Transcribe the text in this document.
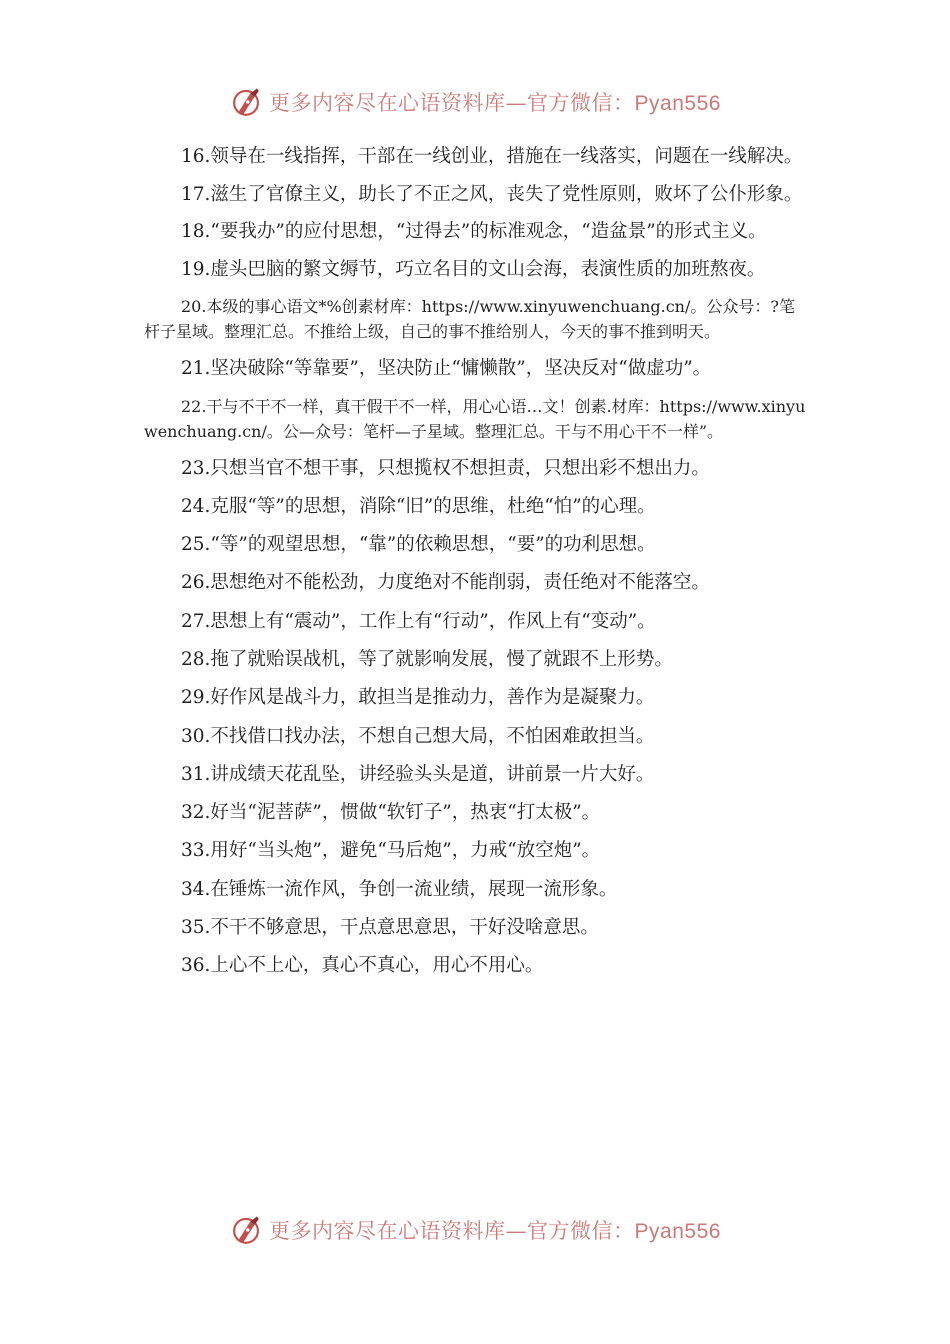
更多内容尽在心语资料库—官方微信：Pyan556

16.领导在一线指挥，干部在一线创业，措施在一线落实，问题在一线解决。

17.滋生了官僚主义，助长了不正之风，丧失了党性原则，败坏了公仆形象。

18.“要我办”的应付思想，“过得去”的标准观念，“造盆景”的形式主义。

19.虚头巴脑的繁文缛节，巧立名目的文山会海，表演性质的加班熬夜。

20.本级的事心语文*%创素材库：https://www.xinyuwenchuang.cn/。公众号：?笔杆子星域。整理汇总。不推给上级，自己的事不推给别人，今天的事不推到明天。

21.坚决破除“等靠要”，坚决防止“慵懒散”，坚决反对“做虚功”。

22.干与不干不一样，真干假干不一样，用心心语…文！创素.材库：https://www.xinyuwenchuang.cn/。公—众号：笔杆—子星域。整理汇总。干与不用心干不一样”。

23.只想当官不想干事，只想揽权不想担责，只想出彩不想出力。

24.克服“等”的思想，消除“旧”的思维，杜绝“怕”的心理。

25.“等”的观望思想，“靠”的依赖思想，“要”的功利思想。

26.思想绝对不能松劲，力度绝对不能削弱，责任绝对不能落空。

27.思想上有“震动”，工作上有“行动”，作风上有“变动”。

28.拖了就贻误战机，等了就影响发展，慢了就跟不上形势。

29.好作风是战斗力，敢担当是推动力，善作为是凝聚力。

30.不找借口找办法，不想自己想大局，不怕困难敢担当。

31.讲成绩天花乱坠，讲经验头头是道，讲前景一片大好。

32.好当“泥菩萨”，惯做“软钉子”，热衷“打太极”。

33.用好“当头炮”，避免“马后炮”，力戒“放空炮”。

34.在锤炼一流作风，争创一流业绩，展现一流形象。

35.不干不够意思，干点意思意思，干好没啥意思。

36.上心不上心，真心不真心，用心不用心。

更多内容尽在心语资料库—官方微信：Pyan556
